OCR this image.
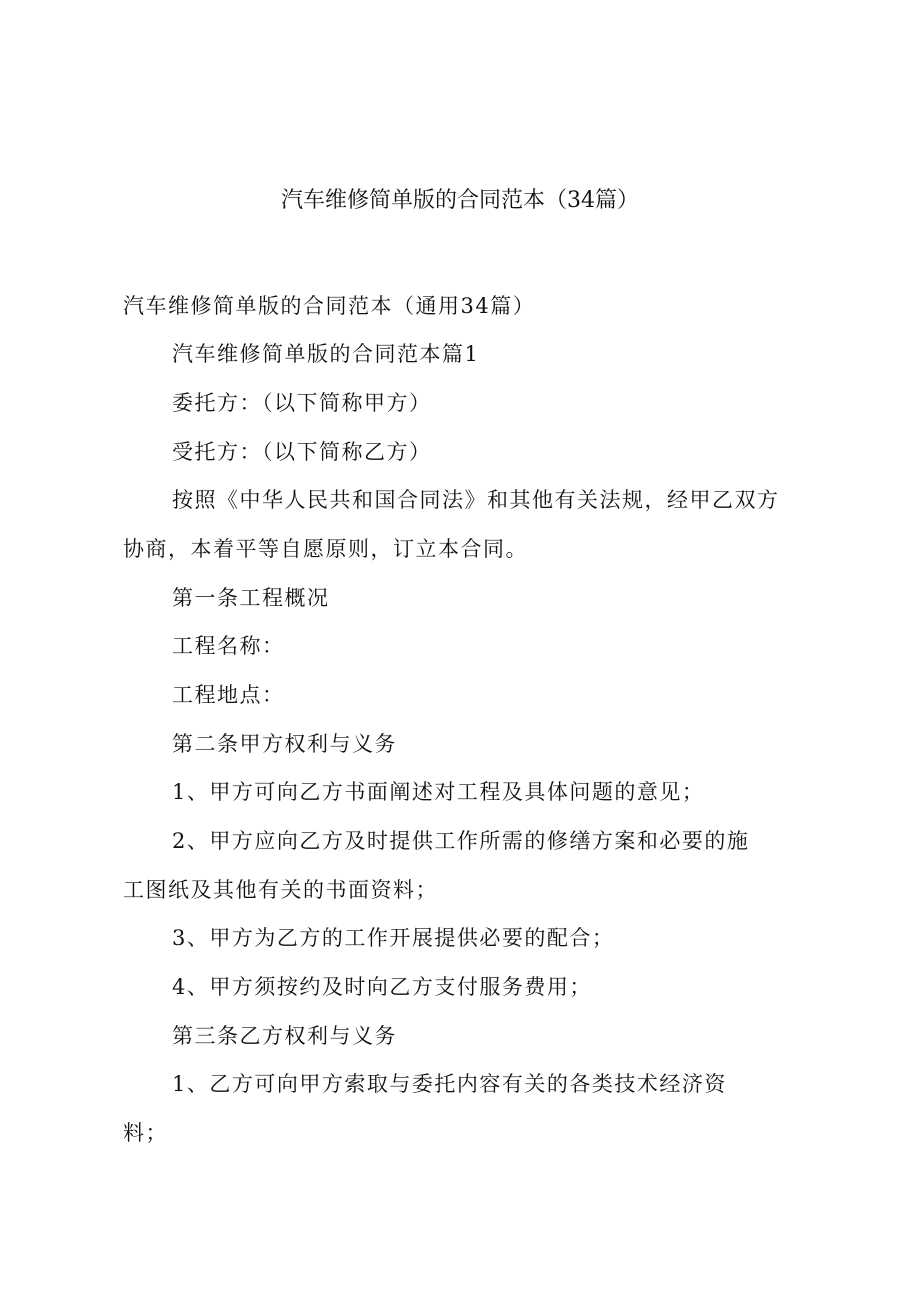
汽车维修简单版的合同范本（34篇）
汽车维修简单版的合同范本（通用34篇）
汽车维修简单版的合同范本篇1
委托方：（以下简称甲方）
受托方：（以下简称乙方）
按照《中华人民共和国合同法》和其他有关法规，经甲乙双方
协商，本着平等自愿原则，订立本合同。
第一条工程概况
工程名称：
工程地点：
第二条甲方权利与义务
1、甲方可向乙方书面阐述对工程及具体问题的意见；
2、甲方应向乙方及时提供工作所需的修缮方案和必要的施
工图纸及其他有关的书面资料；
3、甲方为乙方的工作开展提供必要的配合；
4、甲方须按约及时向乙方支付服务费用；
第三条乙方权利与义务
1、乙方可向甲方索取与委托内容有关的各类技术经济资
料；
